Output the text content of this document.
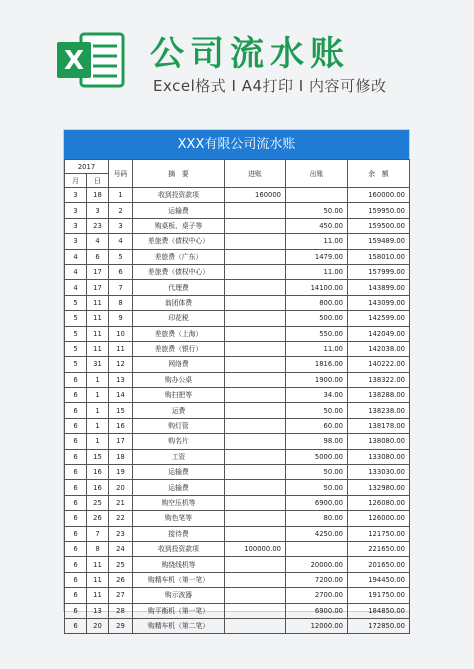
X 公司流水账
Excel格式 I A4打印 I 内容可修改
XXX有限公司流水账
2017		号码	摘　要	进账	出账	余　额
月	日					
3	18	1	收到投资款项	160000		160000.00
3	3	2	运输费		50.00	159950.00
3	23	3	购桌板、桌子等		450.00	159500.00
3	4	4	差旅费（债权中心）		11.00	159489.00
4	6	5	差旅费（广东）		1479.00	158010.00
4	17	6	差旅费（债权中心）		11.00	157999.00
4	17	7	代理费		14100.00	143899.00
5	11	8	翁团体费		800.00	143099.00
5	11	9	印花税		500.00	142599.00
5	11	10	差旅费（上海）		550.00	142049.00
5	11	11	差旅费（银行）		11.00	142038.00
5	31	12	网络费		1816.00	140222.00
6	1	13	购办公桌		1900.00	138322.00
6	1	14	购扫把等		34.00	138288.00
6	1	15	运费		50.00	138238.00
6	1	16	购灯管		60.00	138178.00
6	1	17	购名片		98.00	138080.00
6	15	18	工资		5000.00	133080.00
6	16	19	运输费		50.00	133030.00
6	16	20	运输费		50.00	132980.00
6	25	21	购空压机等		6900.00	126080.00
6	26	22	购色笔等		80.00	126000.00
6	7	23	接待费		4250.00	121750.00
6	8	24	收到投资款项	100000.00		221650.00
6	11	25	购绕线机等		20000.00	201650.00
6	11	26	购精车机（第一笔）		7200.00	194450.00
6	11	27	购示波器		2700.00	191750.00
6	13	28	购平衡机（第一笔）		6900.00	184850.00
6	20	29	购精车机（第二笔）		12000.00	172850.00
